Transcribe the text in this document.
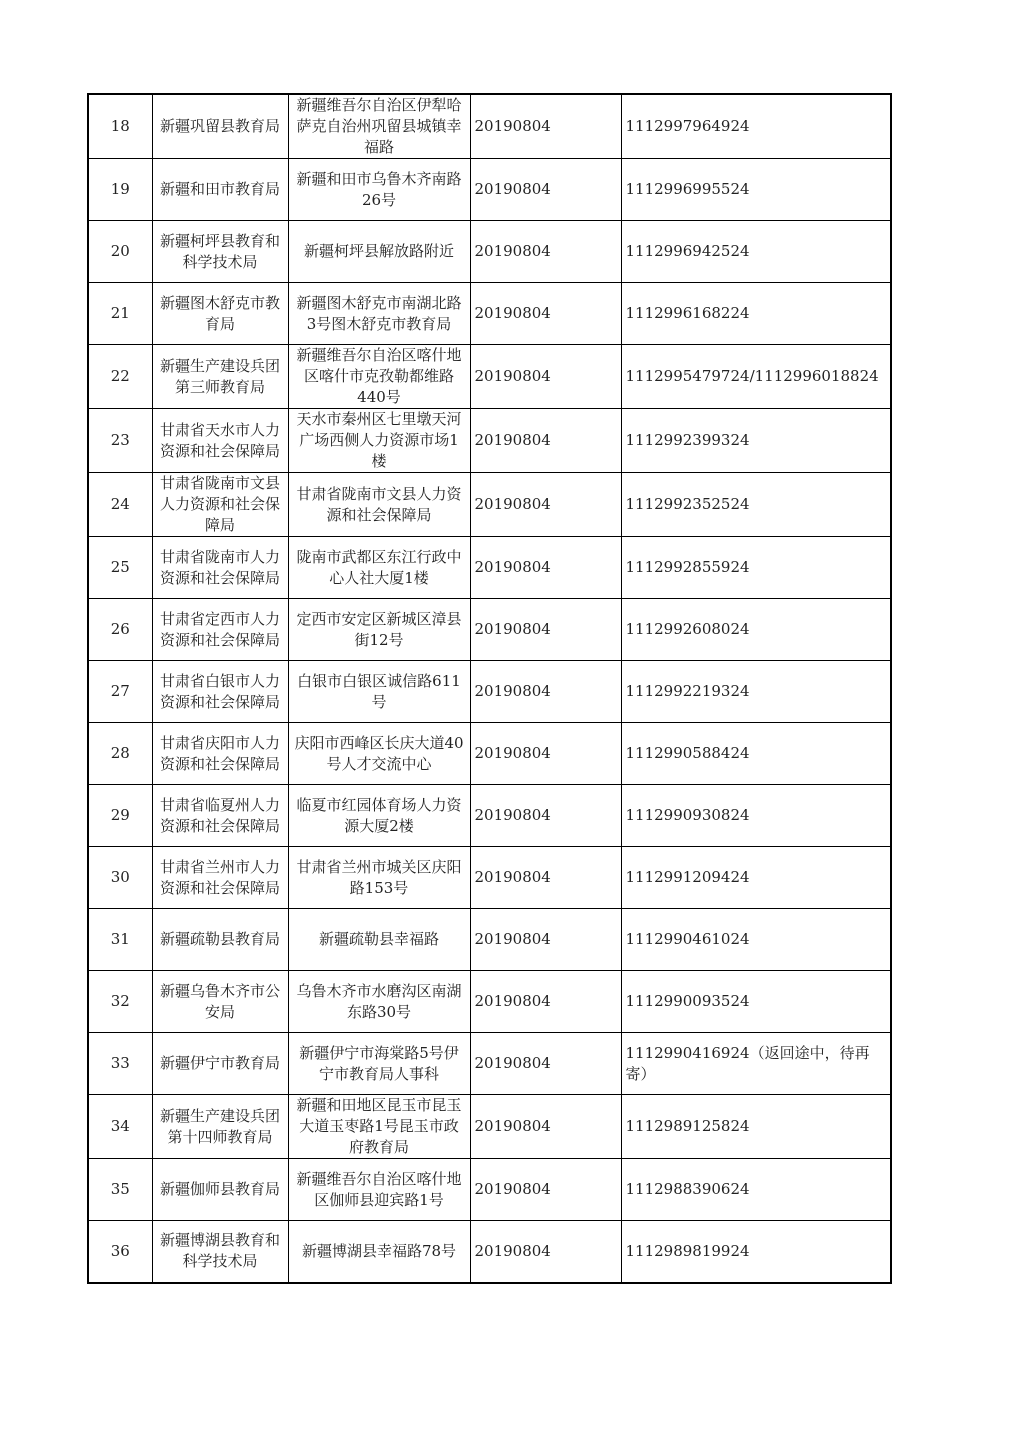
18	新疆巩留县教育局	新疆维吾尔自治区伊犁哈萨克自治州巩留县城镇幸福路	20190804	1112997964924
19	新疆和田市教育局	新疆和田市乌鲁木齐南路26号	20190804	1112996995524
20	新疆柯坪县教育和科学技术局	新疆柯坪县解放路附近	20190804	1112996942524
21	新疆图木舒克市教育局	新疆图木舒克市南湖北路3号图木舒克市教育局	20190804	1112996168224
22	新疆生产建设兵团第三师教育局	新疆维吾尔自治区喀什地区喀什市克孜勒都维路440号	20190804	1112995479724/1112996018824
23	甘肃省天水市人力资源和社会保障局	天水市秦州区七里墩天河广场西侧人力资源市场1楼	20190804	1112992399324
24	甘肃省陇南市文县人力资源和社会保障局	甘肃省陇南市文县人力资源和社会保障局	20190804	1112992352524
25	甘肃省陇南市人力资源和社会保障局	陇南市武都区东江行政中心人社大厦1楼	20190804	1112992855924
26	甘肃省定西市人力资源和社会保障局	定西市安定区新城区漳县街12号	20190804	1112992608024
27	甘肃省白银市人力资源和社会保障局	白银市白银区诚信路611号	20190804	1112992219324
28	甘肃省庆阳市人力资源和社会保障局	庆阳市西峰区长庆大道40号人才交流中心	20190804	1112990588424
29	甘肃省临夏州人力资源和社会保障局	临夏市红园体育场人力资源大厦2楼	20190804	1112990930824
30	甘肃省兰州市人力资源和社会保障局	甘肃省兰州市城关区庆阳路153号	20190804	1112991209424
31	新疆疏勒县教育局	新疆疏勒县幸福路	20190804	1112990461024
32	新疆乌鲁木齐市公安局	乌鲁木齐市水磨沟区南湖东路30号	20190804	1112990093524
33	新疆伊宁市教育局	新疆伊宁市海棠路5号伊宁市教育局人事科	20190804	1112990416924（返回途中，待再寄）
34	新疆生产建设兵团第十四师教育局	新疆和田地区昆玉市昆玉大道玉枣路1号昆玉市政府教育局	20190804	1112989125824
35	新疆伽师县教育局	新疆维吾尔自治区喀什地区伽师县迎宾路1号	20190804	1112988390624
36	新疆博湖县教育和科学技术局	新疆博湖县幸福路78号	20190804	1112989819924
